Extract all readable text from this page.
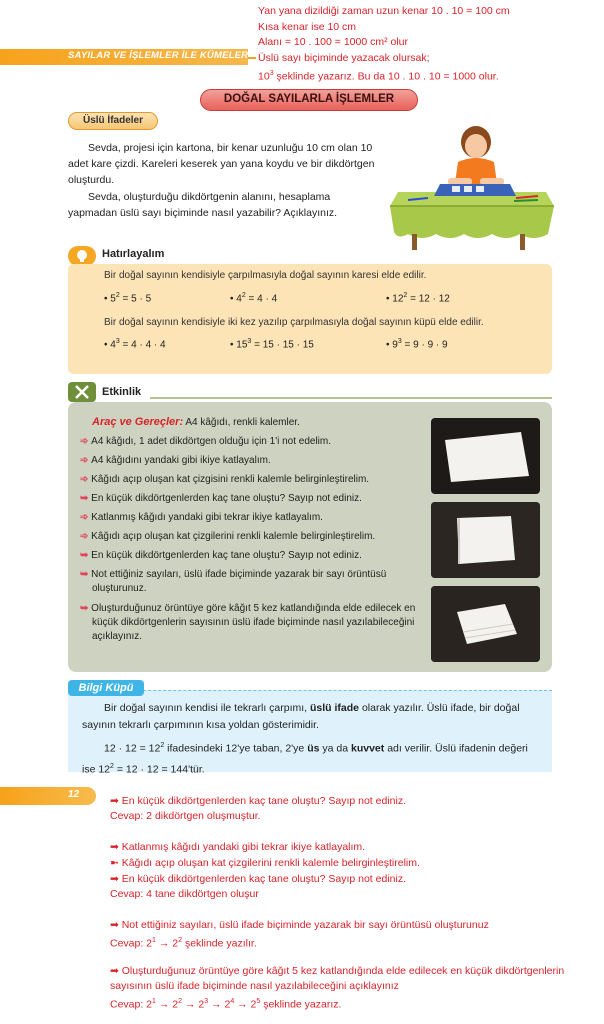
Yan yana dizildiği zaman uzun kenar 10 . 10 = 100 cm
Kısa kenar ise 10 cm
Alanı = 10 . 100 = 1000 cm² olur
Üslü sayı biçiminde yazacak olursak;
$10^3$ şeklinde yazarız. Bu da 10 . 10 . 10 = 1000 olur.
SAYILAR VE İŞLEMLER İLE KÜMELER
DOĞAL SAYILARLA İŞLEMLER
Üslü İfadeler
Sevda, projesi için kartona, bir kenar uzunluğu 10 cm olan 10 adet kare çizdi. Kareleri keserek yan yana koydu ve bir dikdörtgen oluşturdu.
Sevda, oluşturduğu dikdörtgenin alanını, hesaplama yapmadan üslü sayı biçiminde nasıl yazabilir? Açıklayınız.
Hatırlayalım
Bir doğal sayının kendisiyle çarpılmasıyla doğal sayının karesi elde edilir.
• $5^2 = 5 \cdot 5$	• $4^2 = 4 \cdot 4$	• $12^2 = 12 \cdot 12$
Bir doğal sayının kendisiyle iki kez yazılıp çarpılmasıyla doğal sayının küpü elde edilir.
• $4^3 = 4 \cdot 4 \cdot 4$	• $15^3 = 15 \cdot 15 \cdot 15$	• $9^3 = 9 \cdot 9 \cdot 9$
Etkinlik
Araç ve Gereçler: A4 kâğıdı, renkli kalemler.
➾ A4 kâğıdı, 1 adet dikdörtgen olduğu için 1'i not edelim.
➾ A4 kâğıdını yandaki gibi ikiye katlayalım.
➾ Kâğıdı açıp oluşan kat çizgisini renkli kalemle belirginleştirelim.
➥ En küçük dikdörtgenlerden kaç tane oluştu? Sayıp not ediniz.
➾ Katlanmış kâğıdı yandaki gibi tekrar ikiye katlayalım.
➾ Kâğıdı açıp oluşan kat çizgilerini renkli kalemle belirginleştirelim.
➥ En küçük dikdörtgenlerden kaç tane oluştu? Sayıp not ediniz.
➥ Not ettiğiniz sayıları, üslü ifade biçiminde yazarak bir sayı örüntüsü oluşturunuz.
➥ Oluşturduğunuz örüntüye göre kâğıt 5 kez katlandığında elde edilecek en küçük dikdörtgenlerin sayısının üslü ifade biçiminde nasıl yazılabileceğini açıklayınız.
Bilgi Küpü
Bir doğal sayının kendisi ile tekrarlı çarpımı, üslü ifade olarak yazılır. Üslü ifade, bir doğal sayının tekrarlı çarpımının kısa yoldan gösterimidir.
$12 \cdot 12 = 12^2$ ifadesindeki 12'ye taban, 2'ye üs ya da kuvvet adı verilir. Üslü ifadenin değeri ise $12^2 = 12 \cdot 12$ = 144'tür.
12
➡ En küçük dikdörtgenlerden kaç tane oluştu? Sayıp not ediniz.
Cevap: 2 dikdörtgen oluşmuştur.
➡ Katlanmış kâğıdı yandaki gibi tekrar ikiye katlayalım.
➼ Kâğıdı açıp oluşan kat çizgilerini renkli kalemle belirginleştirelim.
➡ En küçük dikdörtgenlerden kaç tane oluştu? Sayıp not ediniz.
Cevap: 4 tane dikdörtgen oluşur
➡ Not ettiğiniz sayıları, üslü ifade biçiminde yazarak bir sayı örüntüsü oluşturunuz
Cevap: $2^1 \to 2^2$ şeklinde yazılır.
➡ Oluşturduğunuz örüntüye göre kâğıt 5 kez katlandığında elde edilecek en küçük dikdörtgenlerin sayısının üslü ifade biçiminde nasıl yazılabileceğini açıklayınız
Cevap: $2^1 \to 2^2 \to 2^3 \to 2^4 \to 2^5$ şeklinde yazarız.
